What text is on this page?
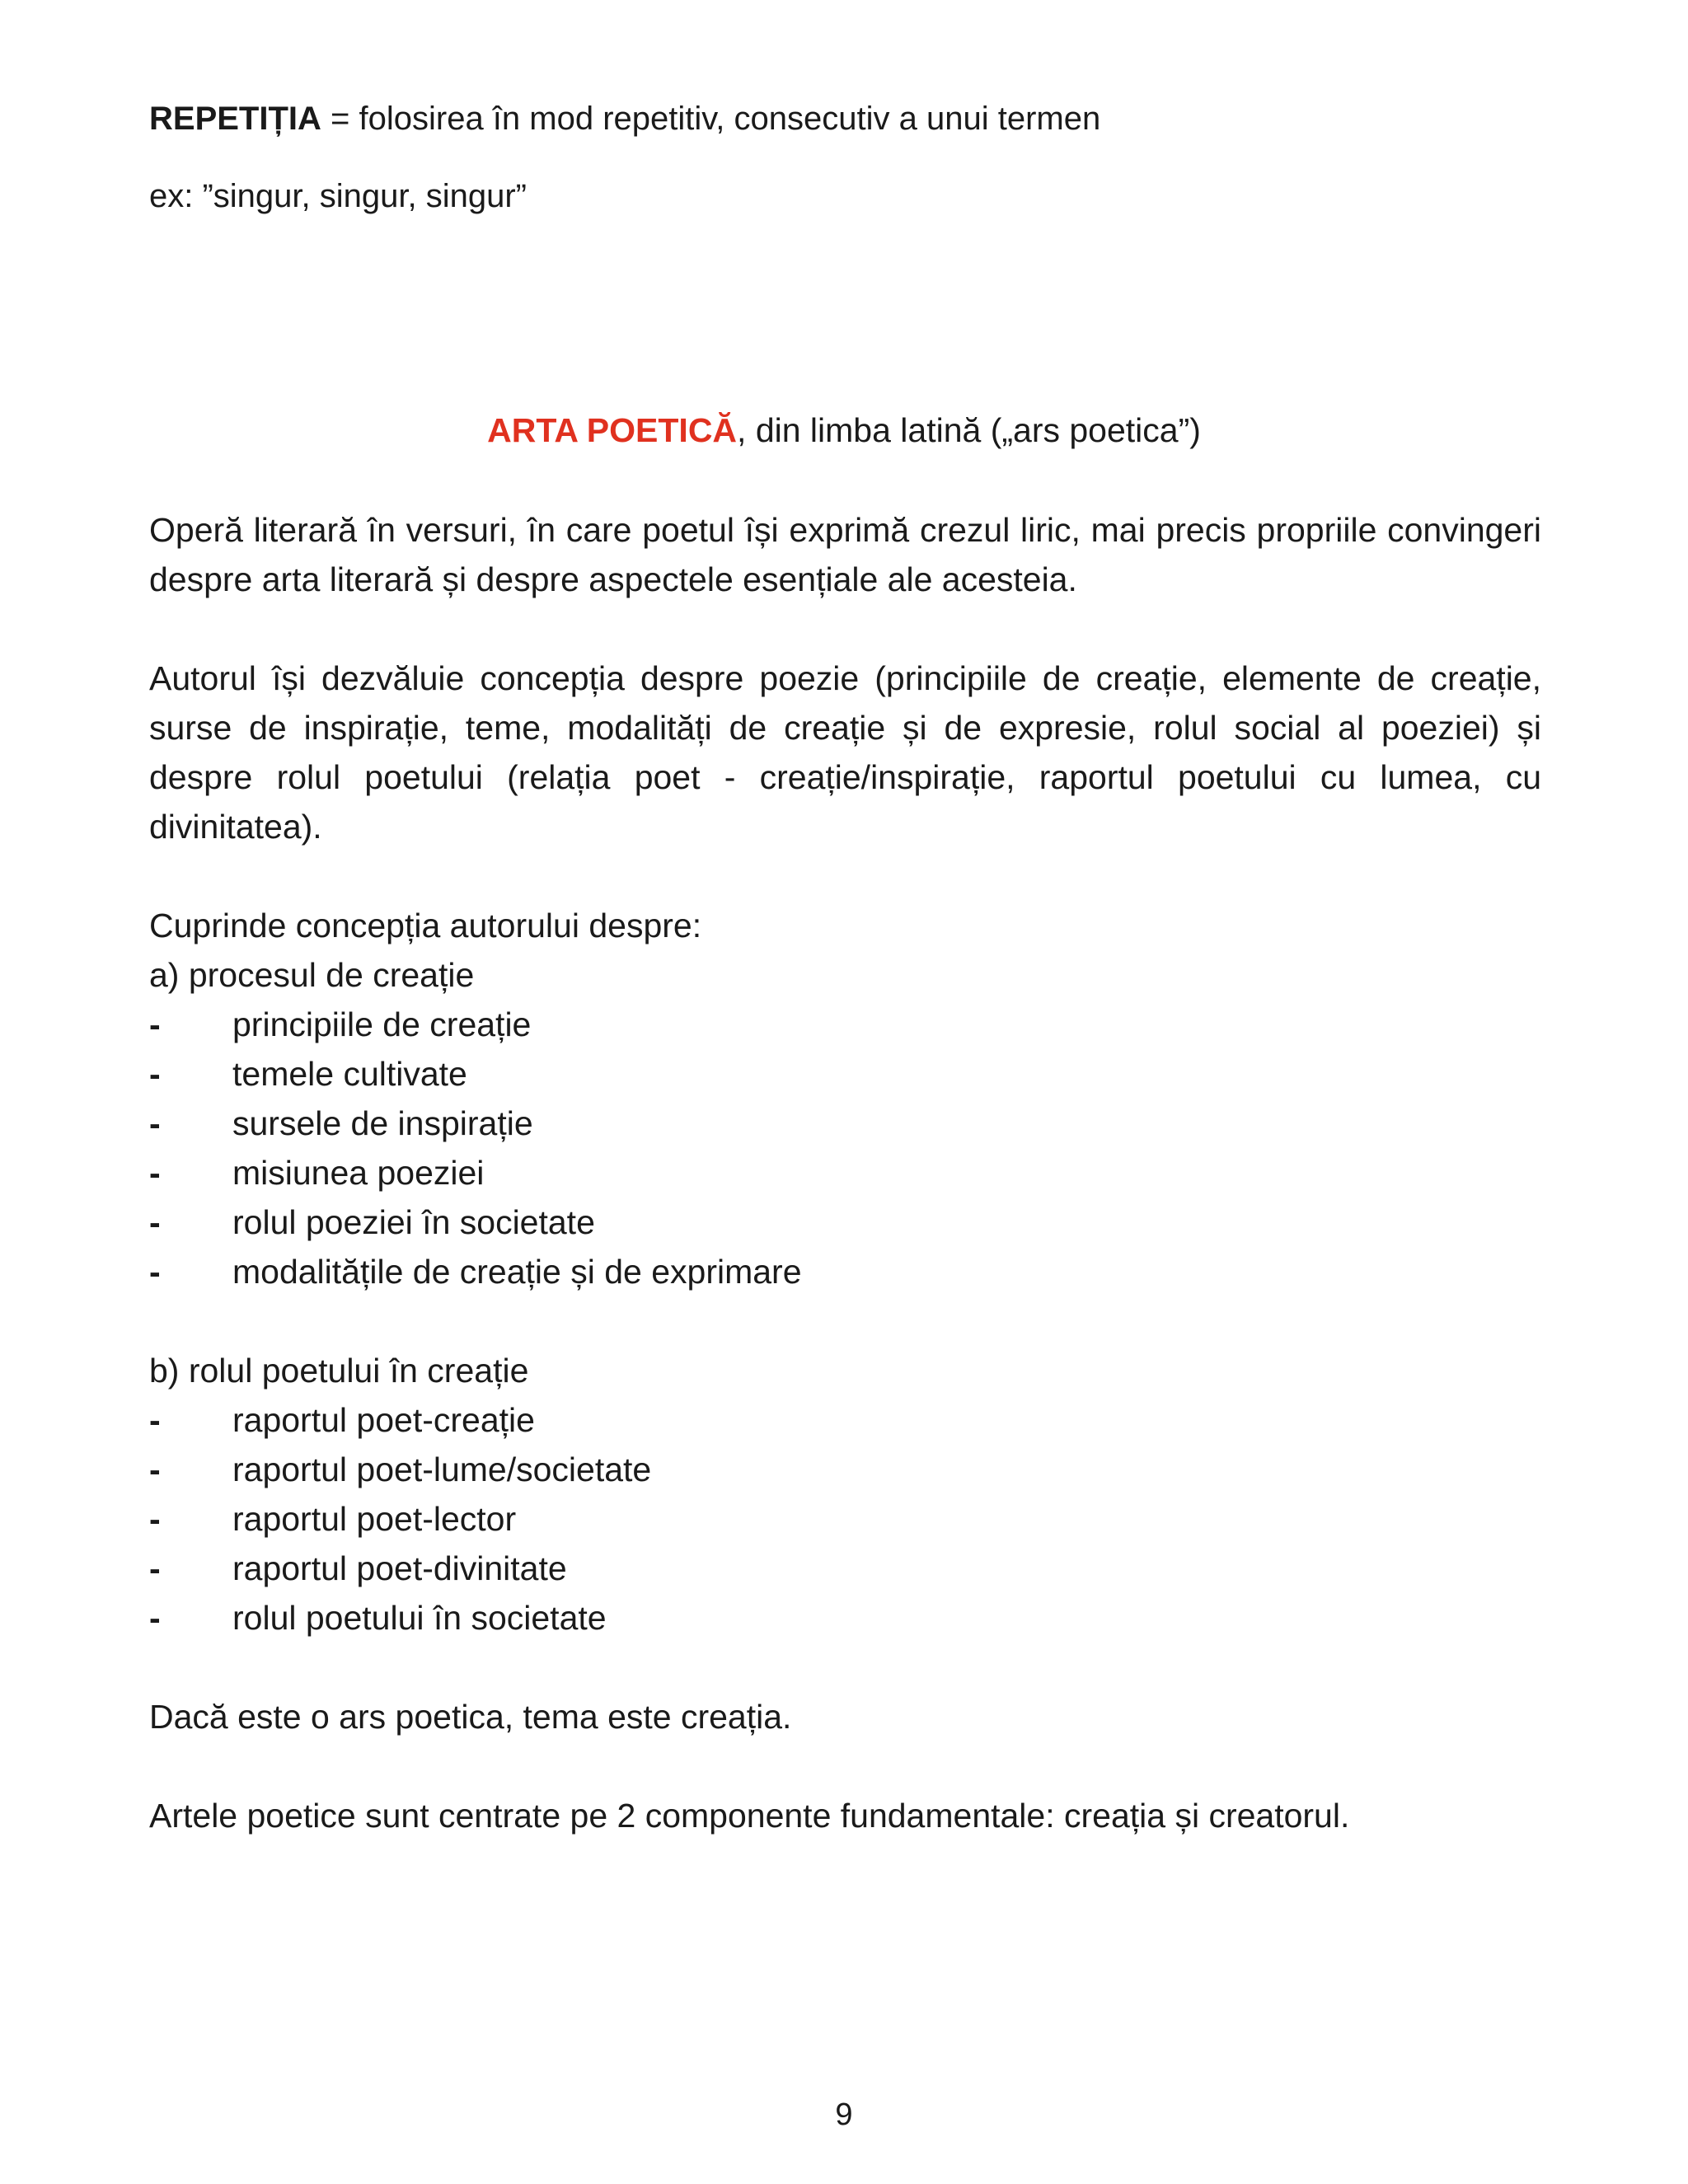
REPETIȚIA = folosirea în mod repetitiv, consecutiv a unui termen
ex: ”singur, singur, singur”
ARTA POETICĂ, din limba latină („ars poetica”)

Operă literară în versuri, în care poetul își exprimă crezul liric, mai precis propriile convingeri despre arta literară și despre aspectele esențiale ale acesteia.

Autorul își dezvăluie concepția despre poezie (principiile de creație, elemente de creație, surse de inspirație, teme, modalități de creație și de expresie, rolul social al poeziei) și despre rolul poetului (relația poet - creație/inspirație, raportul poetului cu lumea, cu divinitatea).

Cuprinde concepția autorului despre:
a) procesul de creație
- principiile de creație
- temele cultivate
- sursele de inspirație
- misiunea poeziei
- rolul poeziei în societate
- modalitățile de creație și de exprimare
b) rolul poetului în creație
- raportul poet-creație
- raportul poet-lume/societate
- raportul poet-lector
- raportul poet-divinitate
- rolul poetului în societate
Dacă este o ars poetica, tema este creația.
Artele poetice sunt centrate pe 2 componente fundamentale: creația și creatorul.
9
